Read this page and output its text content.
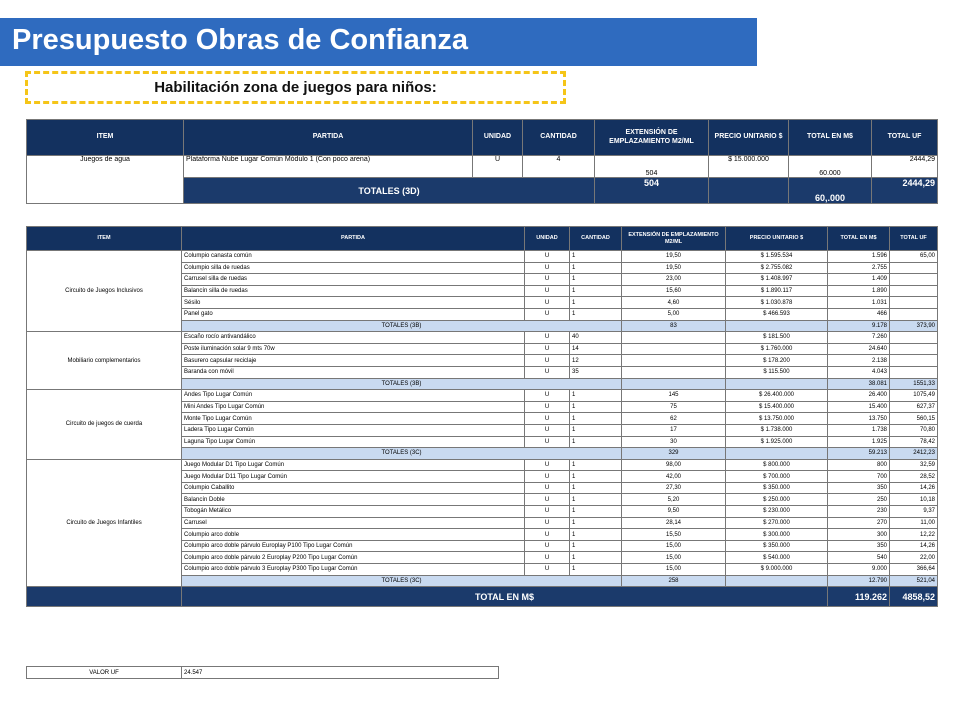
Presupuesto Obras de Confianza
Habilitación zona de juegos para niños:
ITEM	PARTIDA	UNIDAD	CANTIDAD	EXTENSIÓN DE EMPLAZAMIENTO M2/ML	PRECIO UNITARIO $	TOTAL EN M$	TOTAL UF
Juegos de agua	Plataforma Nube Lugar Común Módulo 1 (Con poco arena)	U	4	504	$ 15.000.000	60.000	2444,29
	TOTALES (3D)			504		60,.000	2444,29
ITEM	PARTIDA	UNIDAD	CANTIDAD	EXTENSIÓN DE EMPLAZAMIENTO M2/ML	PRECIO UNITARIO $	TOTAL EN M$	TOTAL UF
Circuito de Juegos Inclusivos	Columpio canasta común	U	1	19,50	$ 1.595.534	1.596	65,00
	Columpio silla de ruedas	U	1	19,50	$ 2.755.082	2.755	
	Carrusel silla de ruedas	U	1	23,00	$ 1.408.997	1.409	
	Balancín silla de ruedas	U	1	15,60	$ 1.890.117	1.890	
	Sésilo	U	1	4,60	$ 1.030.878	1.031	
	Panel gato	U	1	5,00	$ 466.593	466	
	TOTALES (3B)			83		9.178	373,90
Mobiliario complementarios	Escaño rocío antivandálico	U	40		$ 181.500	7.260	
	Poste iluminación solar 9 mts 70w	U	14		$ 1.760.000	24.640	
	Basurero capsular reciclaje	U	12		$ 178.200	2.138	
	Baranda con móvil	U	35		$ 115.500	4.043	
	TOTALES (3B)					38.081	1551,33
Circuito de juegos de cuerda	Andes Tipo Lugar Común	U	1	145	$ 26.400.000	26.400	1075,49
	Mini Andes Tipo Lugar Común	U	1	75	$ 15.400.000	15.400	627,37
	Monte Tipo Lugar Común	U	1	62	$ 13.750.000	13.750	560,15
	Ladera Tipo Lugar Común	U	1	17	$ 1.738.000	1.738	70,80
	Laguna Tipo Lugar Común	U	1	30	$ 1.925.000	1.925	78,42
	TOTALES (3C)			329		59.213	2412,23
Circuito de Juegos Infantiles	Juego Modular D1 Tipo Lugar Común	U	1	98,00	$ 800.000	800	32,59
	Juego Modular D11 Tipo Lugar Común	U	1	42,00	$ 700.000	700	28,52
	Columpio Caballito	U	1	27,30	$ 350.000	350	14,26
	Balancín Doble	U	1	5,20	$ 250.000	250	10,18
	Tobogán Metálico	U	1	9,50	$ 230.000	230	9,37
	Carrusel	U	1	28,14	$ 270.000	270	11,00
	Columpio arco doble	U	1	15,50	$ 300.000	300	12,22
	Columpio arco doble párvulo Europlay P100 Tipo Lugar Común	U	1	15,00	$ 350.000	350	14,26
	Columpio arco doble párvulo 2 Europlay P200 Tipo Lugar Común	U	1	15,00	$ 540.000	540	22,00
	Columpio arco doble párvulo 3 Europlay P300 Tipo Lugar Común	U	1	15,00	$ 9.000.000	9.000	366,64
	TOTALES (3C)			258		12.790	521,04
	TOTAL EN M$					119.262	4858,52
VALOR UF	24.547
